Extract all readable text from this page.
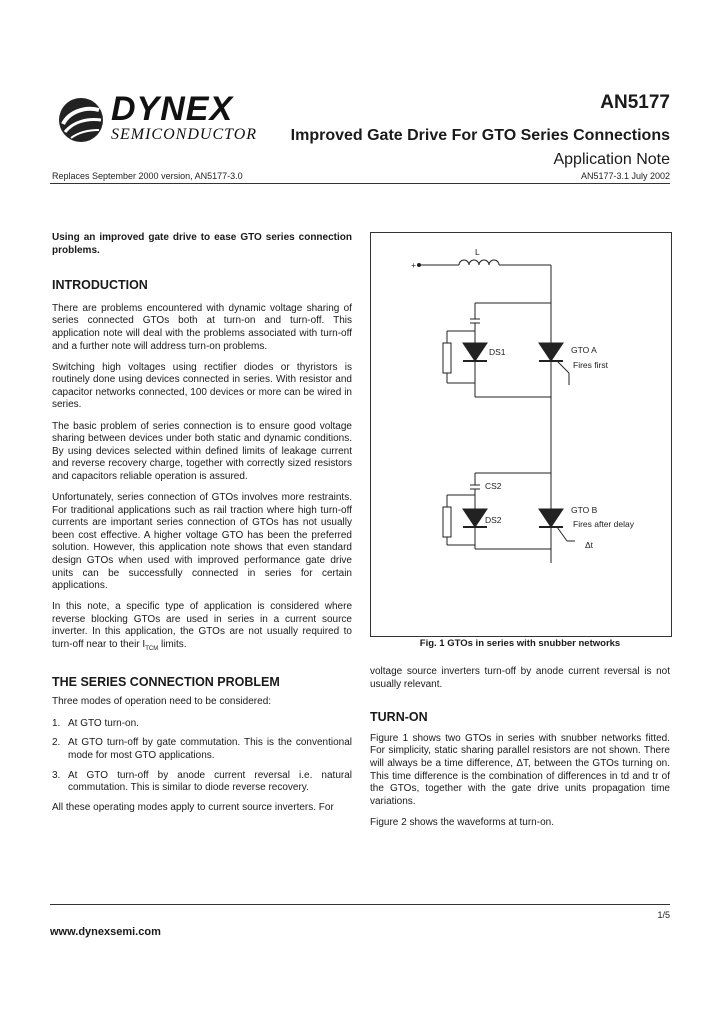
DYNEX
SEMICONDUCTOR
AN5177
Improved Gate Drive For GTO Series Connections
Application Note
Replaces September 2000 version, AN5177-3.0	AN5177-3.1 July 2002
Using an improved gate drive to ease GTO series connection problems.
INTRODUCTION

There are problems encountered with dynamic voltage sharing of series connected GTOs both at turn-on and turn-off. This application note will deal with the problems associated with turn-off and a further note will address turn-on problems.

Switching high voltages using rectifier diodes or thyristors is routinely done using devices connected in series. With resistor and capacitor networks connected, 100 devices or more can be wired in series.

The basic problem of series connection is to ensure good voltage sharing between devices under both static and dynamic conditions. By using devices selected within defined limits of leakage current and reverse recovery charge, together with correctly sized resistors and capacitors reliable operation is assured.

Unfortunately, series connection of GTOs involves more restraints. For traditional applications such as rail traction where high turn-off currents are important series connection of GTOs has not usually been cost effective. A higher voltage GTO has been the preferred solution. However, this application note shows that even standard design GTOs when used with improved performance gate drive units can be successfully connected in series for certain applications.

In this note, a specific type of application is considered where reverse blocking GTOs are used in series in a current source inverter. In this application, the GTOs are not usually required to turn-off near to their $I_{TCM}$ limits.

THE SERIES CONNECTION PROBLEM

Three modes of operation need to be considered:

1. At GTO turn-on.
2. At GTO turn-off by gate commutation. This is the conventional mode for most GTO applications.
3. At GTO turn-off by anode current reversal i.e. natural commutation. This is similar to diode reverse recovery.

All these operating modes apply to current source inverters. For

+
L
DS1	GTO A
Fires first
CS2
DS2
GTO B
Fires after delay
Δt
Fig. 1 GTOs in series with snubber networks

voltage source inverters turn-off by anode current reversal is not usually relevant.

TURN-ON

Figure 1 shows two GTOs in series with snubber networks fitted. For simplicity, static sharing parallel resistors are not shown. There will always be a time difference, ΔT, between the GTOs turning on. This time difference is the combination of differences in td and tr of the GTOs, together with the gate drive units propagation time variations.

Figure 2 shows the waveforms at turn-on.

1/5
www.dynexsemi.com
